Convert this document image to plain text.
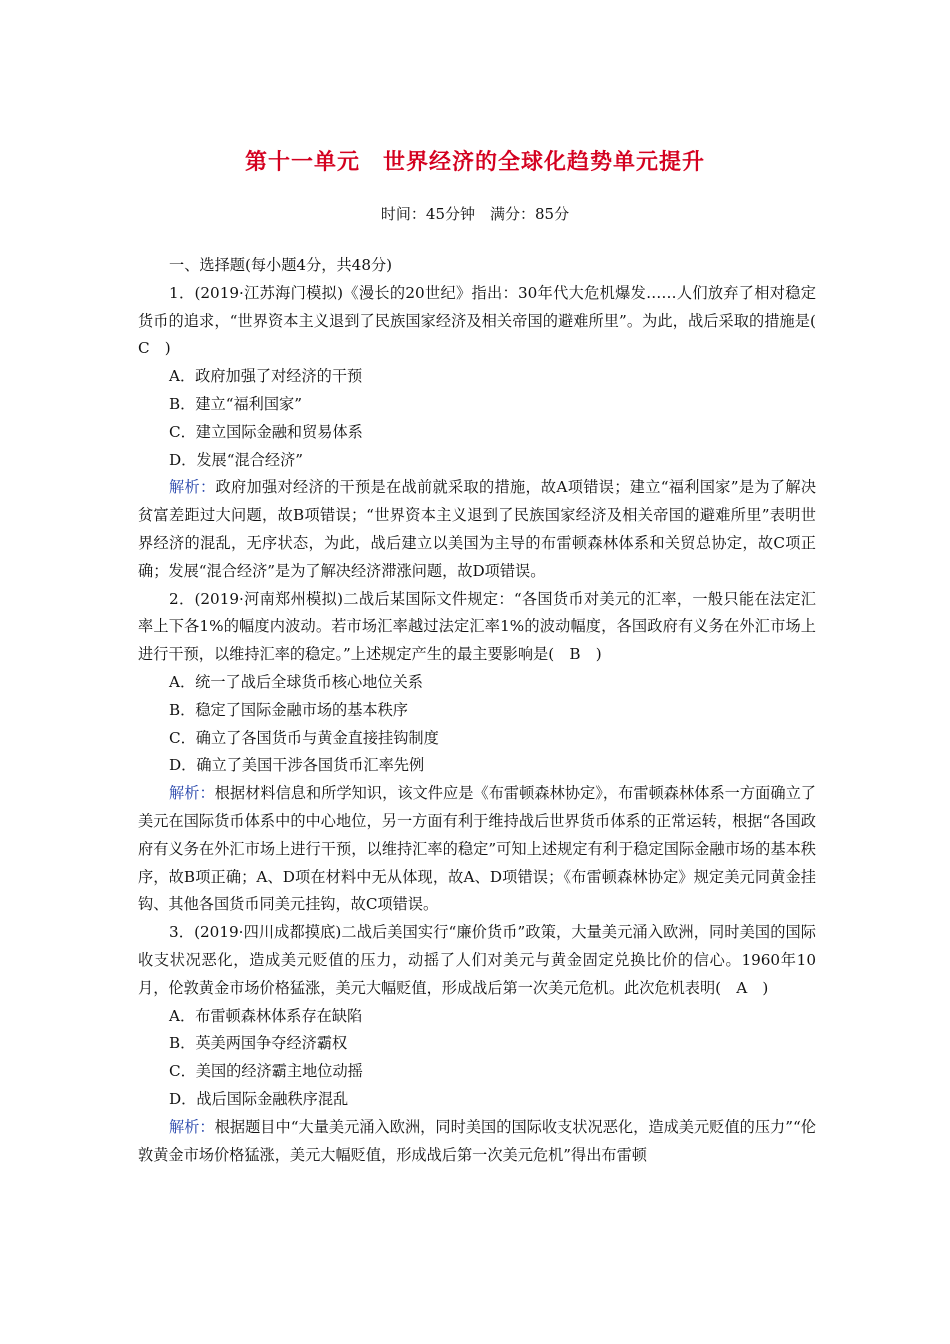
第十一单元　世界经济的全球化趋势单元提升
时间：45分钟　满分：85分

一、选择题(每小题4分，共48分)

1．(2019·江苏海门模拟)《漫长的20世纪》指出：30年代大危机爆发……人们放弃了相对稳定货币的追求，“世界资本主义退到了民族国家经济及相关帝国的避难所里”。为此，战后采取的措施是(　C　)

A．政府加强了对经济的干预

B．建立“福利国家”

C．建立国际金融和贸易体系

D．发展“混合经济”

解析：政府加强对经济的干预是在战前就采取的措施，故A项错误；建立“福利国家”是为了解决贫富差距过大问题，故B项错误；“世界资本主义退到了民族国家经济及相关帝国的避难所里”表明世界经济的混乱，无序状态，为此，战后建立以美国为主导的布雷顿森林体系和关贸总协定，故C项正确；发展“混合经济”是为了解决经济滞涨问题，故D项错误。

2．(2019·河南郑州模拟)二战后某国际文件规定：“各国货币对美元的汇率，一般只能在法定汇率上下各1%的幅度内波动。若市场汇率越过法定汇率1%的波动幅度，各国政府有义务在外汇市场上进行干预，以维持汇率的稳定。”上述规定产生的最主要影响是(　B　)

A．统一了战后全球货币核心地位关系

B．稳定了国际金融市场的基本秩序

C．确立了各国货币与黄金直接挂钩制度

D．确立了美国干涉各国货币汇率先例

解析：根据材料信息和所学知识，该文件应是《布雷顿森林协定》，布雷顿森林体系一方面确立了美元在国际货币体系中的中心地位，另一方面有利于维持战后世界货币体系的正常运转，根据“各国政府有义务在外汇市场上进行干预，以维持汇率的稳定”可知上述规定有利于稳定国际金融市场的基本秩序，故B项正确；A、D项在材料中无从体现，故A、D项错误；《布雷顿森林协定》规定美元同黄金挂钩、其他各国货币同美元挂钩，故C项错误。

3．(2019·四川成都摸底)二战后美国实行“廉价货币”政策，大量美元涌入欧洲，同时美国的国际收支状况恶化，造成美元贬值的压力，动摇了人们对美元与黄金固定兑换比价的信心。1960年10月，伦敦黄金市场价格猛涨，美元大幅贬值，形成战后第一次美元危机。此次危机表明(　A　)

A．布雷顿森林体系存在缺陷

B．英美两国争夺经济霸权

C．美国的经济霸主地位动摇

D．战后国际金融秩序混乱

解析：根据题目中“大量美元涌入欧洲，同时美国的国际收支状况恶化，造成美元贬值的压力”“伦敦黄金市场价格猛涨，美元大幅贬值，形成战后第一次美元危机”得出布雷顿
